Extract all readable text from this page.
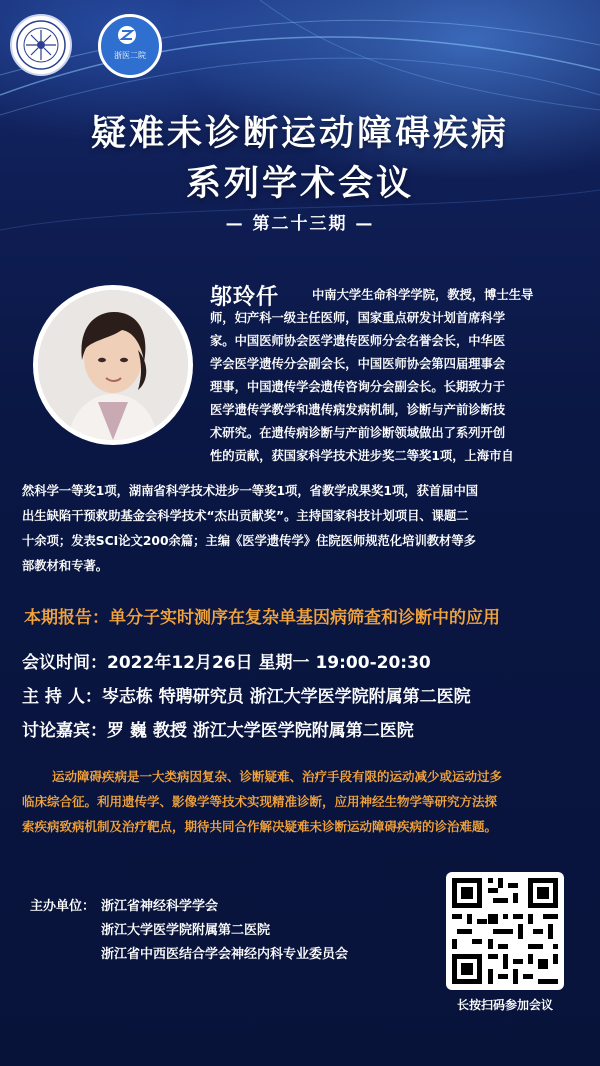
浙医二院
疑难未诊断运动障碍疾病
系列学术会议
— 第二十三期 —
邬玲仟	中南大学生命科学学院，教授，博士生导
师，妇产科一级主任医师，国家重点研发计划首席科学
家。中国医师协会医学遗传医师分会名誉会长，中华医
学会医学遗传分会副会长，中国医师协会第四届理事会
理事，中国遗传学会遗传咨询分会副会长。长期致力于
医学遗传学教学和遗传病发病机制，诊断与产前诊断技
术研究。在遗传病诊断与产前诊断领域做出了系列开创
性的贡献，获国家科学技术进步奖二等奖1项，上海市自
然科学一等奖1项，湖南省科学技术进步一等奖1项，省教学成果奖1项，获首届中国
出生缺陷干预救助基金会科学技术“杰出贡献奖”。主持国家科技计划项目、课题二
十余项；发表SCI论文200余篇；主编《医学遗传学》住院医师规范化培训教材等多
部教材和专著。
本期报告：单分子实时测序在复杂单基因病筛查和诊断中的应用
会议时间：2022年12月26日 星期一 19:00-20:30
主 持 人：岑志栋 特聘研究员 浙江大学医学院附属第二医院
讨论嘉宾：罗 巍 教授 浙江大学医学院附属第二医院
运动障碍疾病是一大类病因复杂、诊断疑难、治疗手段有限的运动减少或运动过多
临床综合征。利用遗传学、影像学等技术实现精准诊断，应用神经生物学等研究方法探
索疾病致病机制及治疗靶点，期待共同合作解决疑难未诊断运动障碍疾病的诊治难题。
主办单位： 浙江省神经科学学会
浙江大学医学院附属第二医院
浙江省中西医结合学会神经内科专业委员会
长按扫码参加会议
